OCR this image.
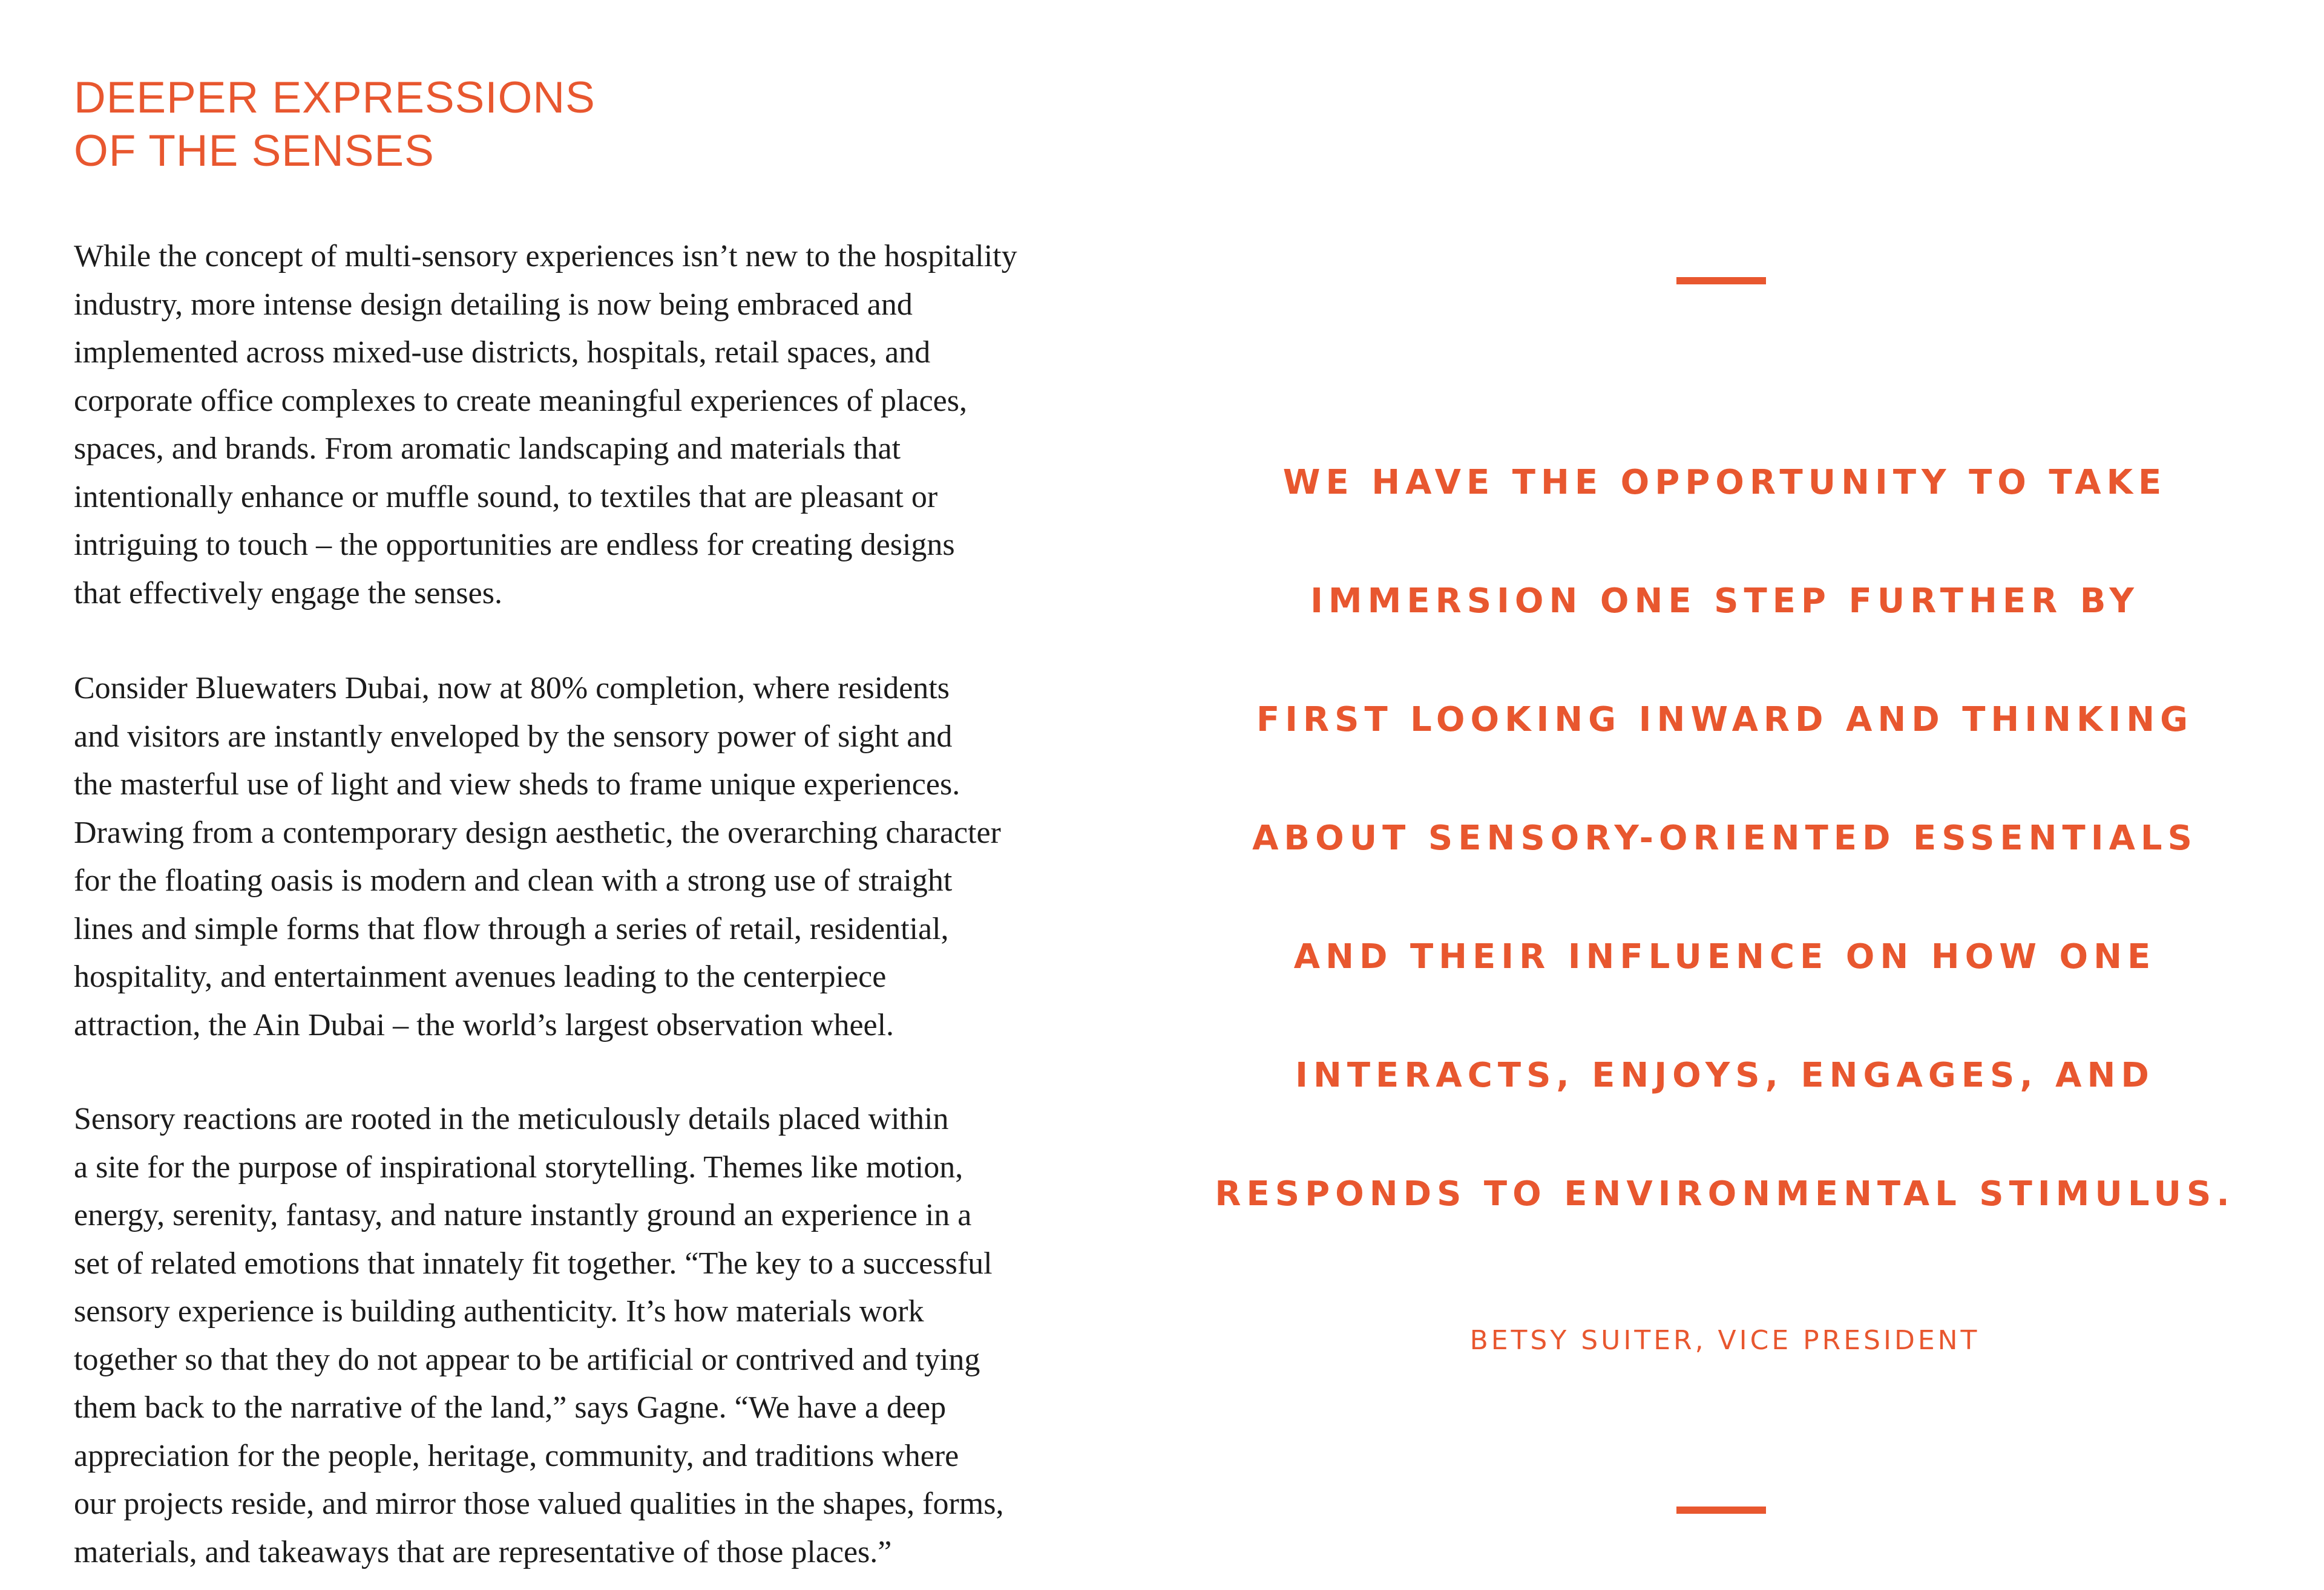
DEEPER EXPRESSIONS
OF THE SENSES
While the concept of multi-sensory experiences isn’t new to the hospitality
industry, more intense design detailing is now being embraced and
implemented across mixed-use districts, hospitals, retail spaces, and
corporate office complexes to create meaningful experiences of places,
spaces, and brands. From aromatic landscaping and materials that
intentionally enhance or muffle sound, to textiles that are pleasant or
intriguing to touch – the opportunities are endless for creating designs
that effectively engage the senses.
Consider Bluewaters Dubai, now at 80% completion, where residents
and visitors are instantly enveloped by the sensory power of sight and
the masterful use of light and view sheds to frame unique experiences.
Drawing from a contemporary design aesthetic, the overarching character
for the floating oasis is modern and clean with a strong use of straight
lines and simple forms that flow through a series of retail, residential,
hospitality, and entertainment avenues leading to the centerpiece
attraction, the Ain Dubai – the world’s largest observation wheel.
Sensory reactions are rooted in the meticulously details placed within
a site for the purpose of inspirational storytelling. Themes like motion,
energy, serenity, fantasy, and nature instantly ground an experience in a
set of related emotions that innately fit together. “The key to a successful
sensory experience is building authenticity. It’s how materials work
together so that they do not appear to be artificial or contrived and tying
them back to the narrative of the land,” says Gagne. “We have a deep
appreciation for the people, heritage, community, and traditions where
our projects reside, and mirror those valued qualities in the shapes, forms,
materials, and takeaways that are representative of those places.”
WE HAVE THE OPPORTUNITY TO TAKE
IMMERSION ONE STEP FURTHER BY
FIRST LOOKING INWARD AND THINKING
ABOUT SENSORY-ORIENTED ESSENTIALS
AND THEIR INFLUENCE ON HOW ONE
INTERACTS, ENJOYS, ENGAGES, AND
RESPONDS TO ENVIRONMENTAL STIMULUS.
BETSY SUITER, VICE PRESIDENT
